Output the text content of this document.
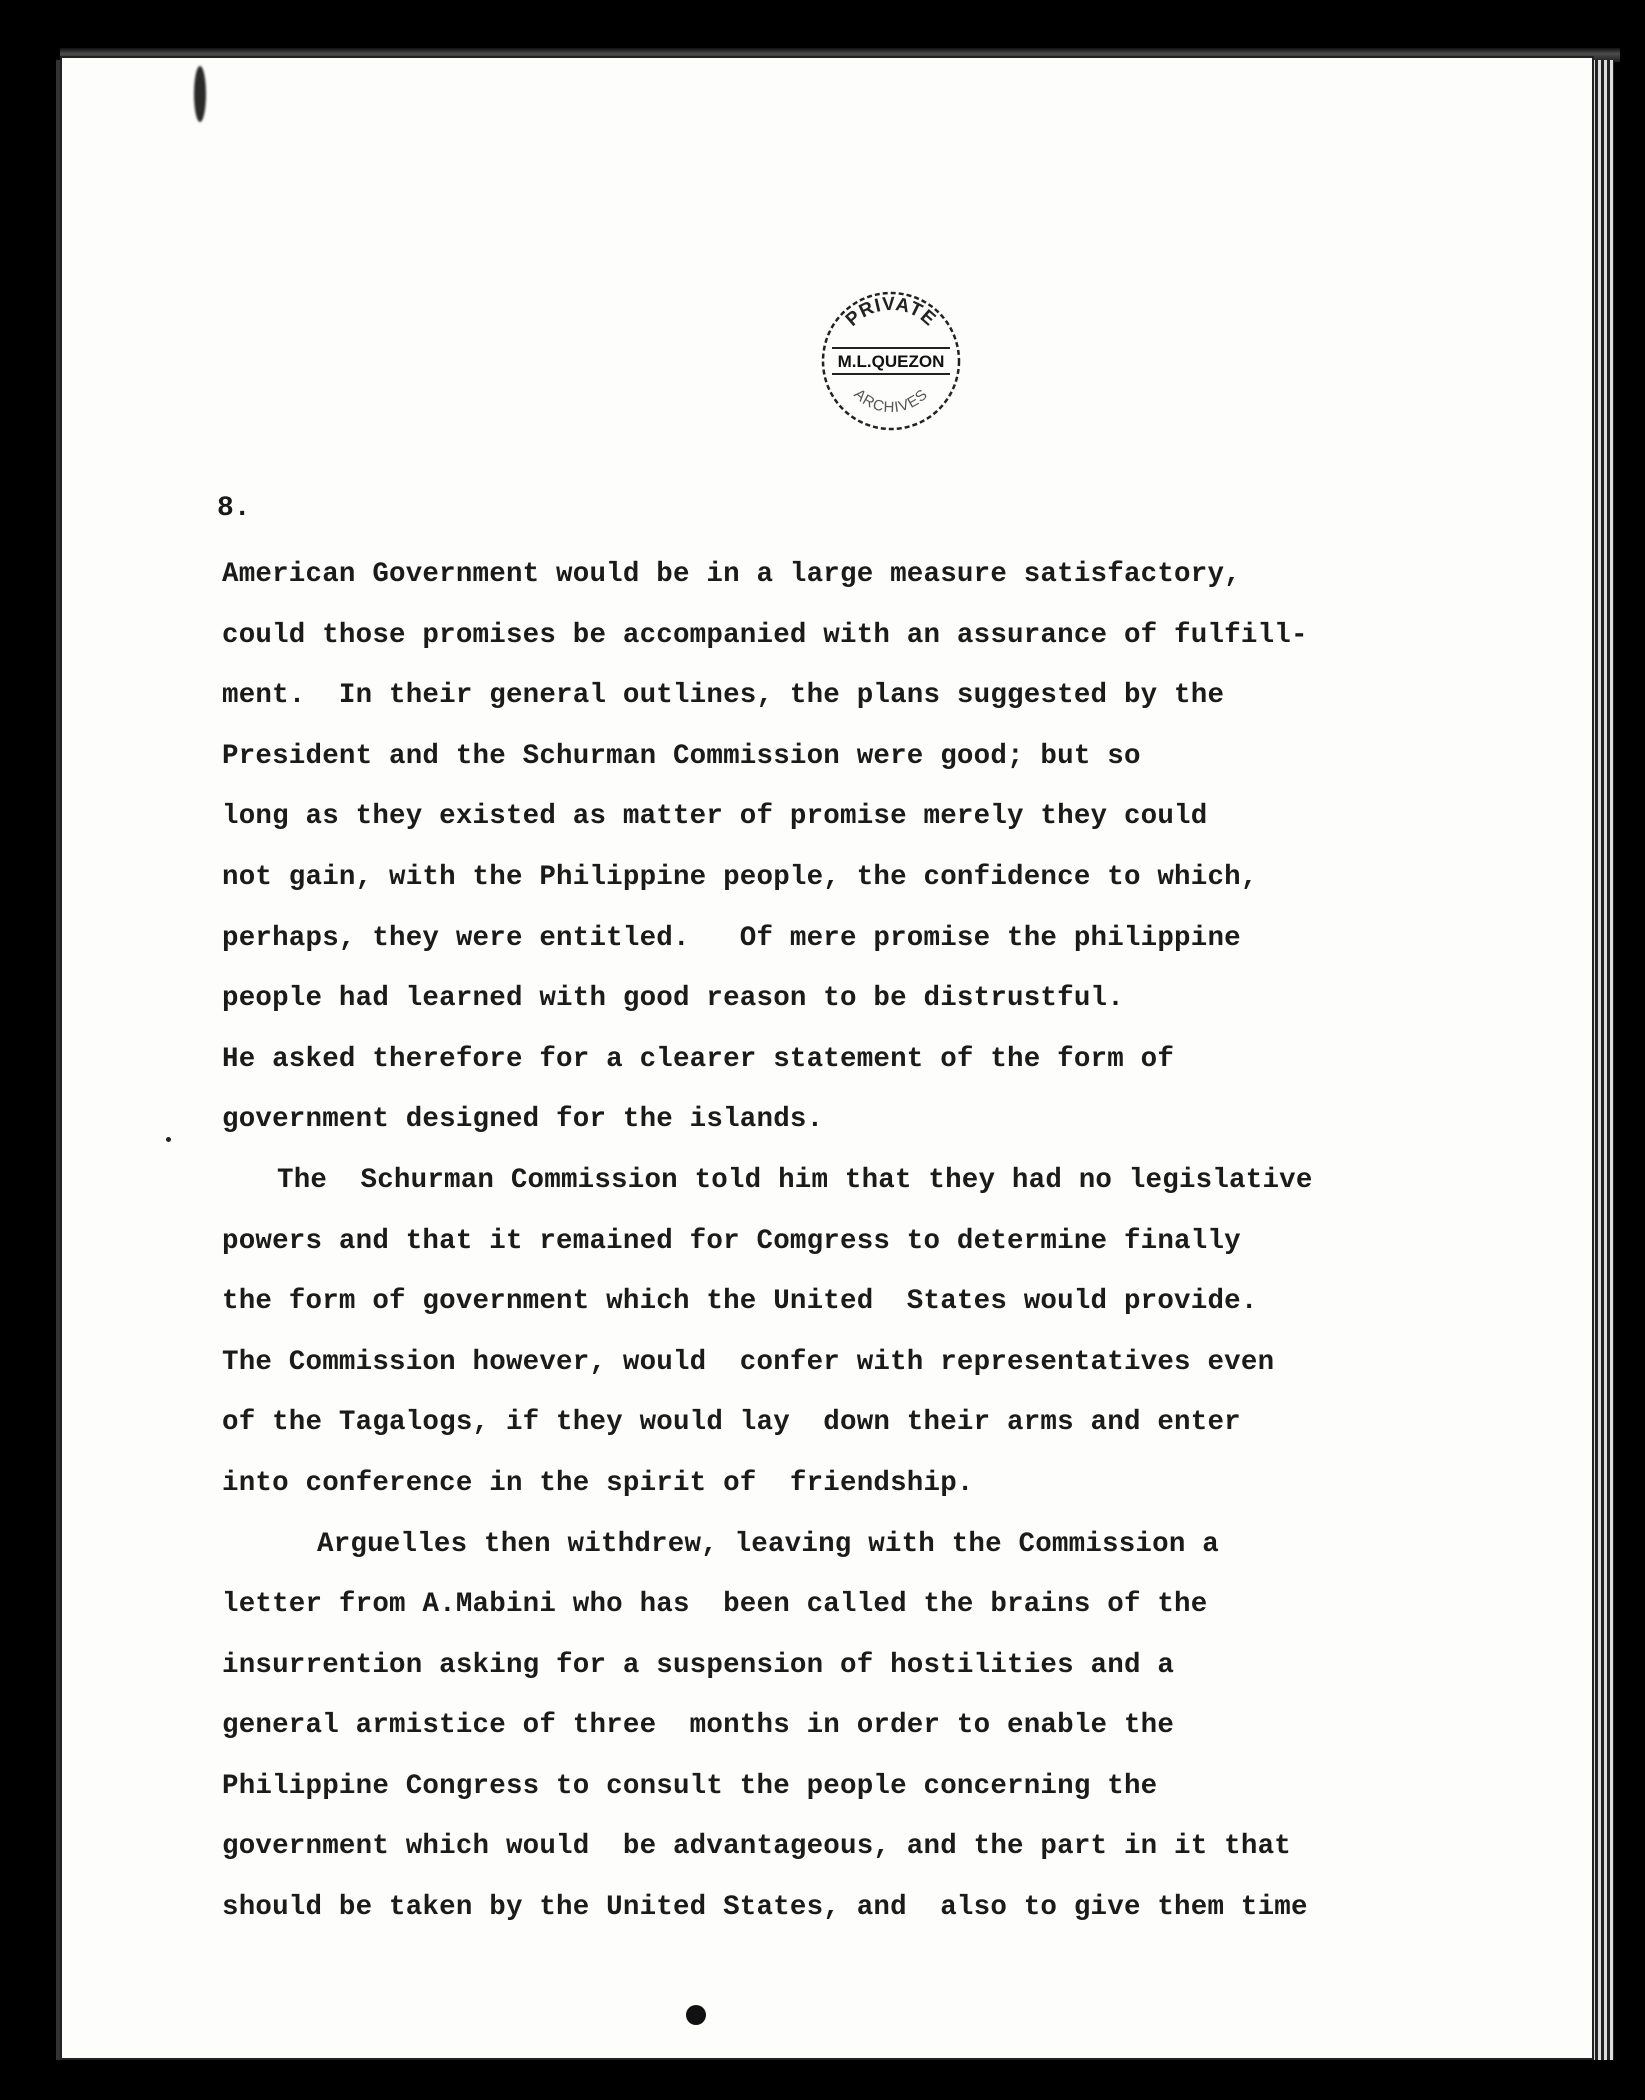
PRIVATE
M.L.QUEZON
ARCHIVES

8.

American Government would be in a large measure satisfactory,
could those promises be accompanied with an assurance of fulfill-
ment.  In their general outlines, the plans suggested by the
President and the Schurman Commission were good; but so
long as they existed as matter of promise merely they could
not gain, with the Philippine people, the confidence to which,
perhaps, they were entitled.   Of mere promise the philippine
people had learned with good reason to be distrustful.
He asked therefore for a clearer statement of the form of
government designed for the islands.
The  Schurman Commission told him that they had no legislative
powers and that it remained for Comgress to determine finally
the form of government which the United  States would provide.
The Commission however, would  confer with representatives even
of the Tagalogs, if they would lay  down their arms and enter
into conference in the spirit of  friendship.
Arguelles then withdrew, leaving with the Commission a
letter from A.Mabini who has  been called the brains of the
insurrention asking for a suspension of hostilities and a
general armistice of three  months in order to enable the
Philippine Congress to consult the people concerning the
government which would  be advantageous, and the part in it that
should be taken by the United States, and  also to give them time
